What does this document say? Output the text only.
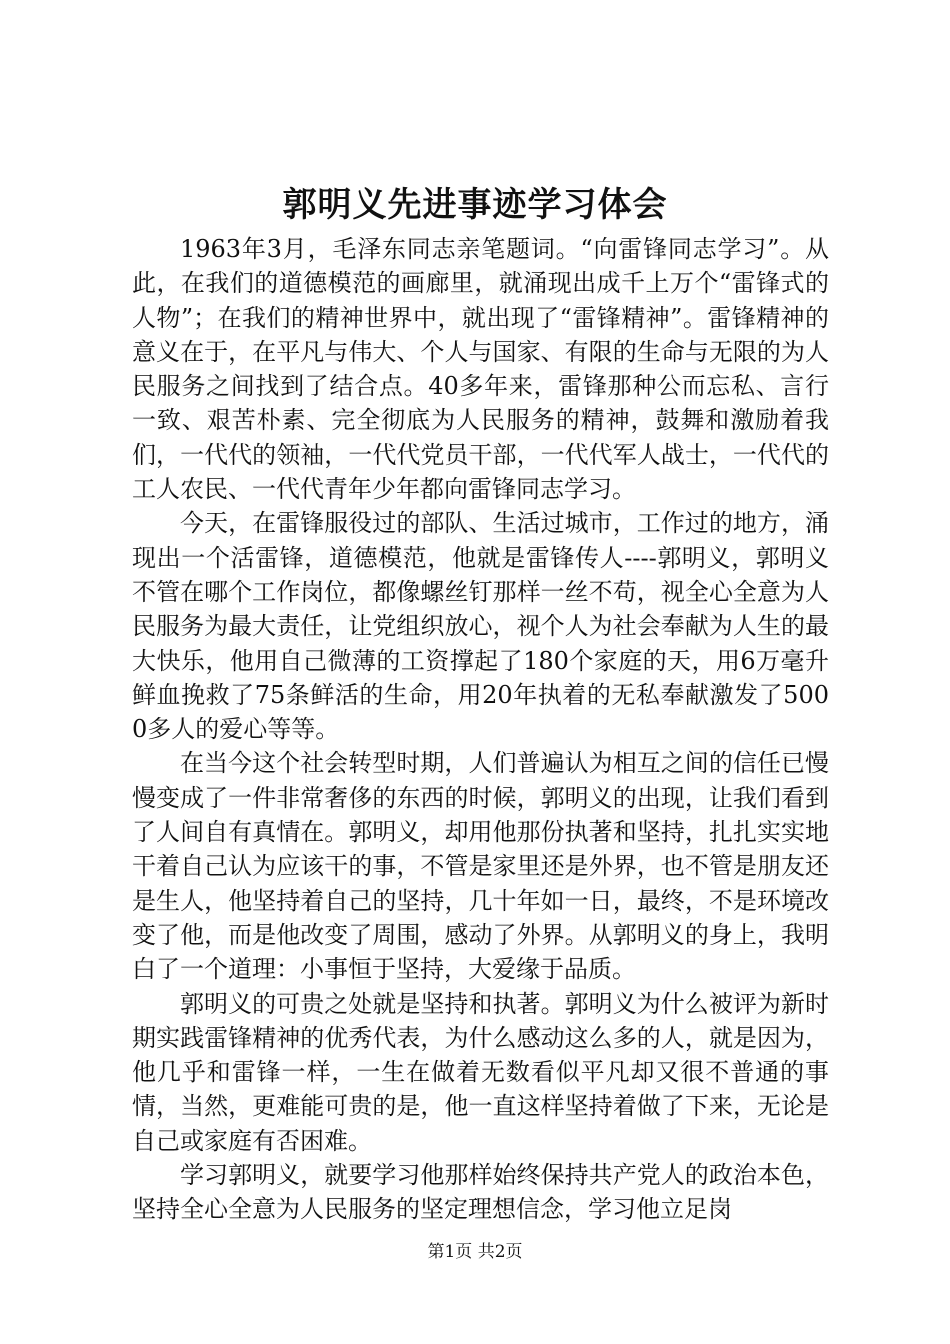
郭明义先进事迹学习体会

1963年3月，毛泽东同志亲笔题词。“向雷锋同志学习”。从此，在我们的道德模范的画廊里，就涌现出成千上万个“雷锋式的人物”；在我们的精神世界中，就出现了“雷锋精神”。雷锋精神的意义在于，在平凡与伟大、个人与国家、有限的生命与无限的为人民服务之间找到了结合点。40多年来，雷锋那种公而忘私、言行一致、艰苦朴素、完全彻底为人民服务的精神，鼓舞和激励着我们，一代代的领袖，一代代党员干部，一代代军人战士，一代代的工人农民、一代代青年少年都向雷锋同志学习。

今天，在雷锋服役过的部队、生活过城市，工作过的地方，涌现出一个活雷锋，道德模范，他就是雷锋传人----郭明义，郭明义不管在哪个工作岗位，都像螺丝钉那样一丝不苟，视全心全意为人民服务为最大责任，让党组织放心，视个人为社会奉献为人生的最大快乐，他用自己微薄的工资撑起了180个家庭的天，用6万毫升鲜血挽救了75条鲜活的生命，用20年执着的无私奉献激发了5000多人的爱心等等。

在当今这个社会转型时期，人们普遍认为相互之间的信任已慢慢变成了一件非常奢侈的东西的时候，郭明义的出现，让我们看到了人间自有真情在。郭明义，却用他那份执著和坚持，扎扎实实地干着自己认为应该干的事，不管是家里还是外界，也不管是朋友还是生人，他坚持着自己的坚持，几十年如一日，最终，不是环境改变了他，而是他改变了周围，感动了外界。从郭明义的身上，我明白了一个道理：小事恒于坚持，大爱缘于品质。

郭明义的可贵之处就是坚持和执著。郭明义为什么被评为新时期实践雷锋精神的优秀代表，为什么感动这么多的人，就是因为，他几乎和雷锋一样，一生在做着无数看似平凡却又很不普通的事情，当然，更难能可贵的是，他一直这样坚持着做了下来，无论是自己或家庭有否困难。

学习郭明义，就要学习他那样始终保持共产党人的政治本色，坚持全心全意为人民服务的坚定理想信念，学习他立足岗

第1页 共2页
